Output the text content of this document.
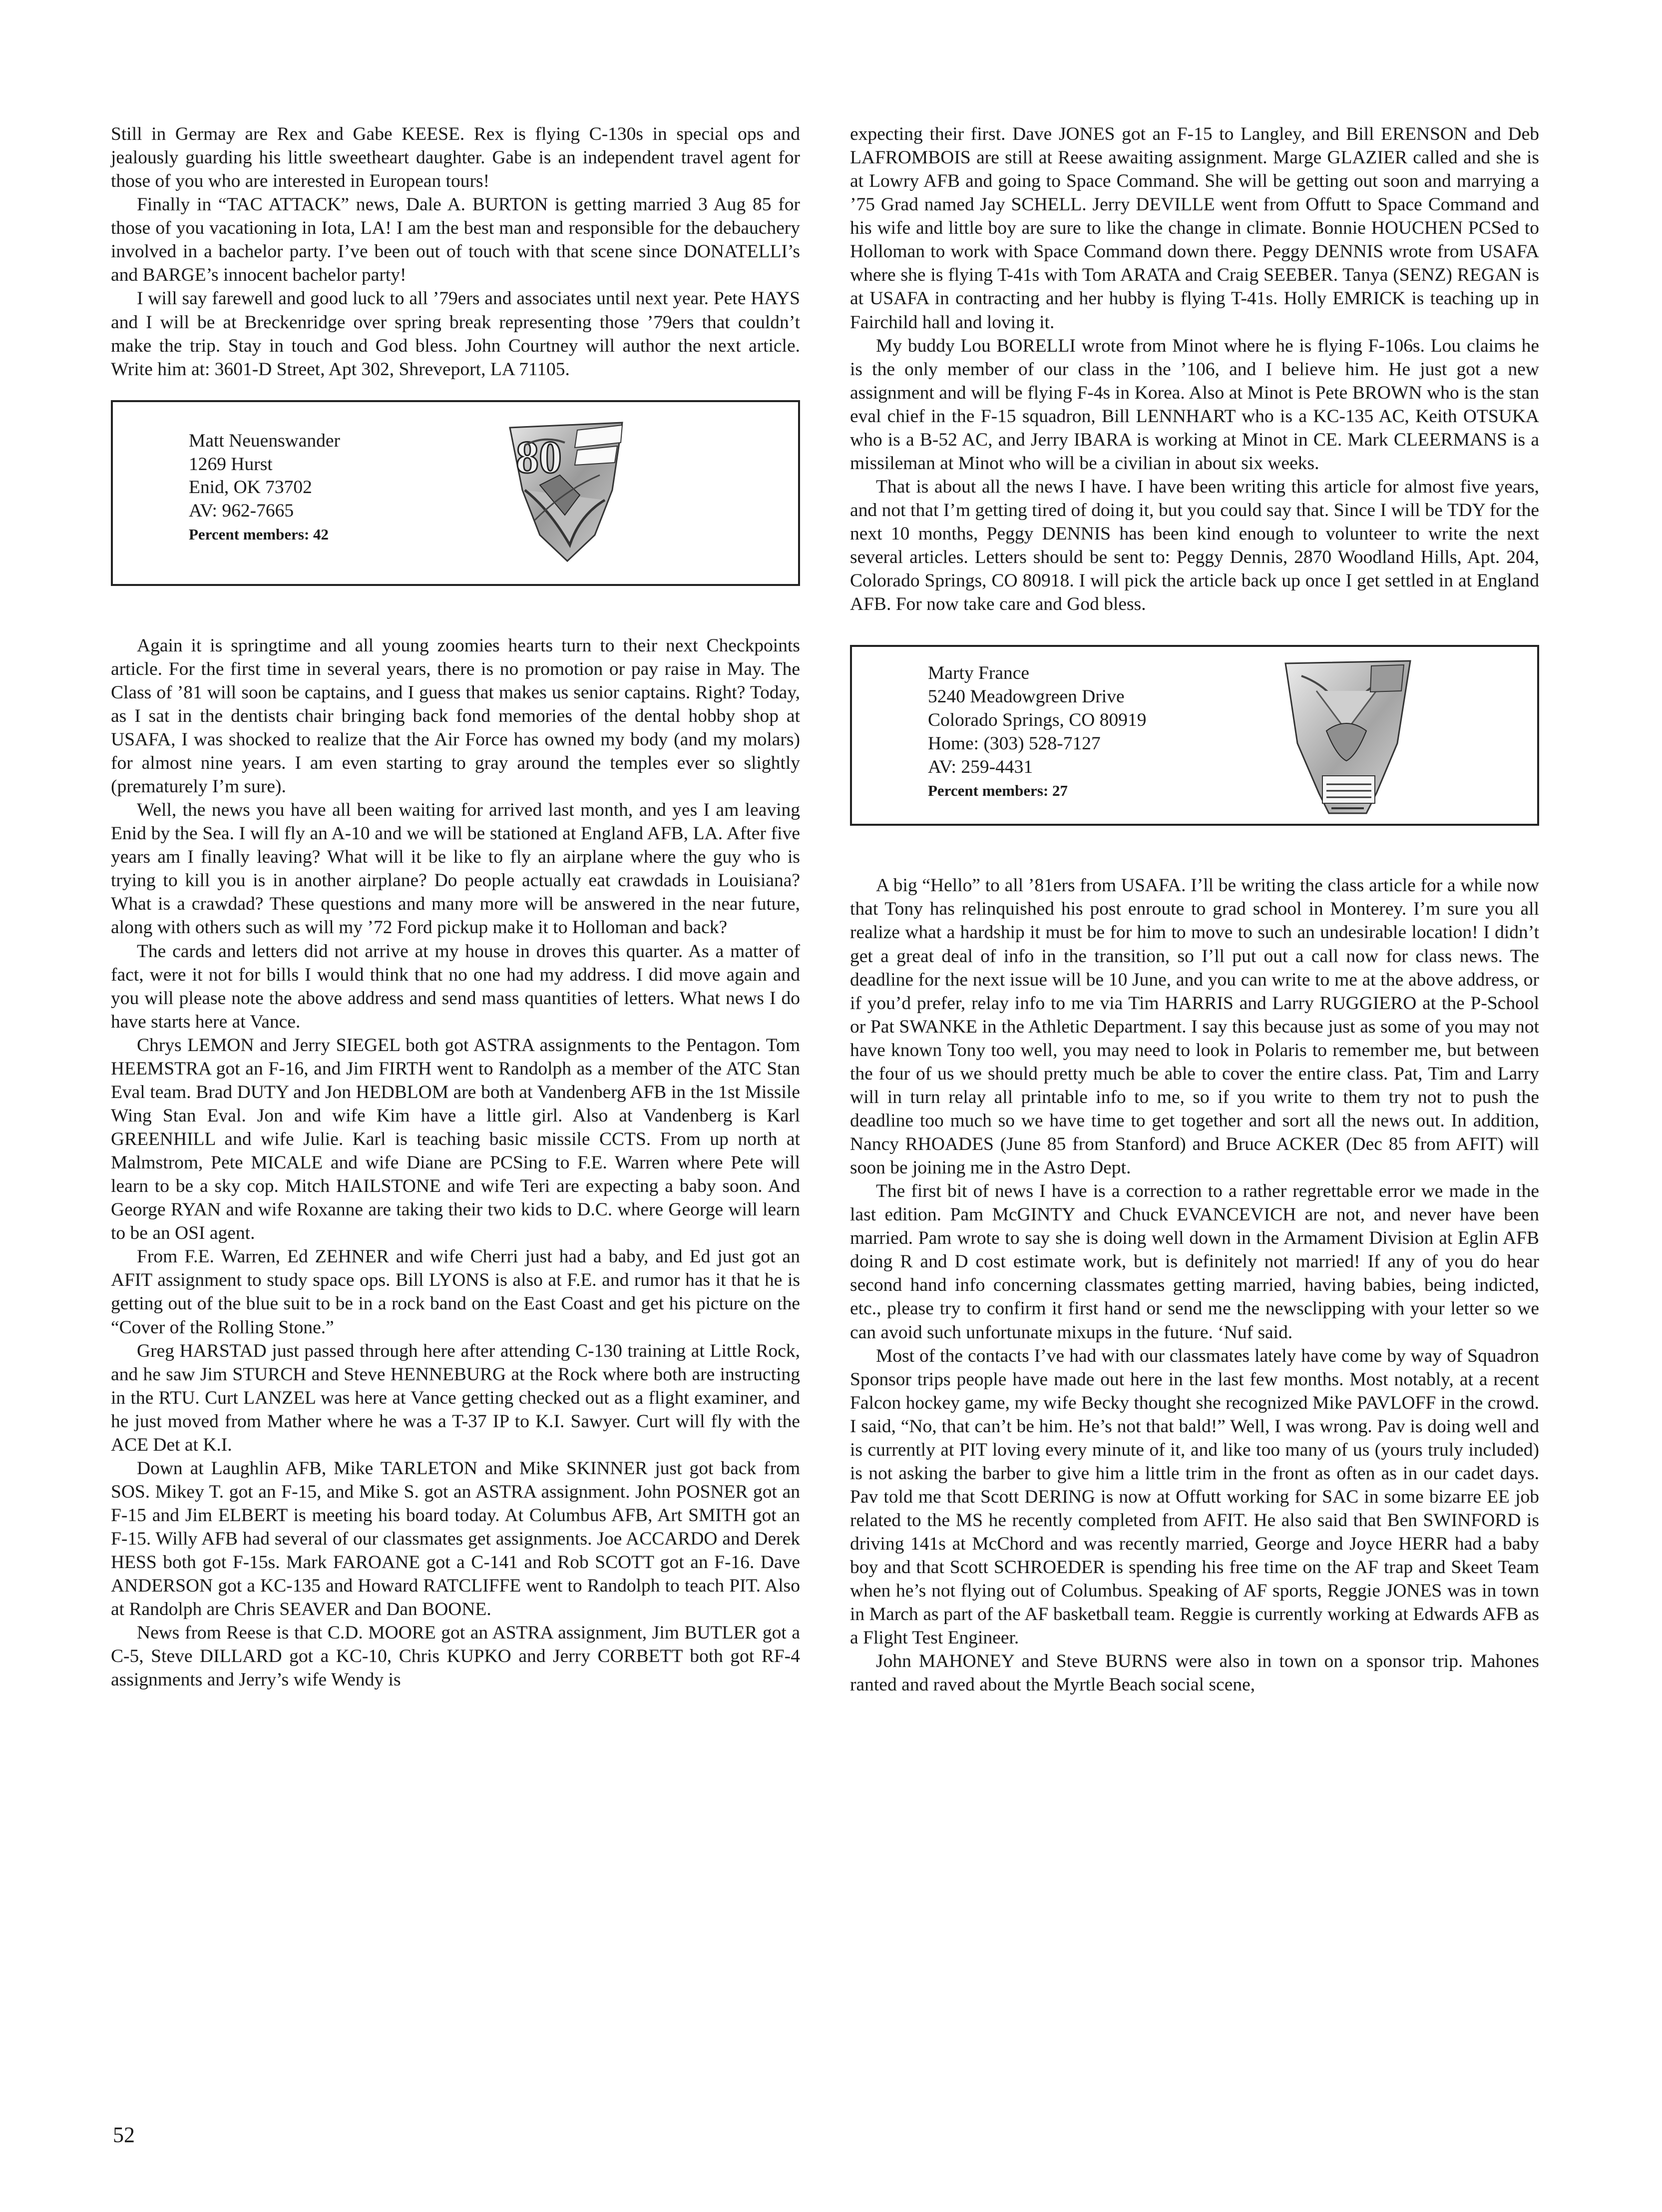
Still in Germay are Rex and Gabe KEESE. Rex is flying C-130s in special ops and jealously guarding his little sweetheart daughter. Gabe is an independent travel agent for those of you who are interested in European tours!

Finally in “TAC ATTACK” news, Dale A. BURTON is getting married 3 Aug 85 for those of you vacationing in Iota, LA! I am the best man and responsible for the debauchery involved in a bachelor party. I’ve been out of touch with that scene since DONATELLI’s and BARGE’s innocent bachelor party!

I will say farewell and good luck to all ’79ers and associates until next year. Pete HAYS and I will be at Breckenridge over spring break representing those ’79ers that couldn’t make the trip. Stay in touch and God bless. John Courtney will author the next article. Write him at: 3601-D Street, Apt 302, Shreveport, LA 71105.

Matt Neuenswander
1269 Hurst
Enid, OK 73702
AV: 962-7665
Percent members: 42
80

Again it is springtime and all young zoomies hearts turn to their next Checkpoints article. For the first time in several years, there is no promotion or pay raise in May. The Class of ’81 will soon be captains, and I guess that makes us senior captains. Right? Today, as I sat in the dentists chair bringing back fond memories of the dental hobby shop at USAFA, I was shocked to realize that the Air Force has owned my body (and my molars) for almost nine years. I am even starting to gray around the temples ever so slightly (prematurely I’m sure).

Well, the news you have all been waiting for arrived last month, and yes I am leaving Enid by the Sea. I will fly an A-10 and we will be stationed at England AFB, LA. After five years am I finally leaving? What will it be like to fly an airplane where the guy who is trying to kill you is in another airplane? Do people actually eat crawdads in Louisiana? What is a crawdad? These questions and many more will be answered in the near future, along with others such as will my ’72 Ford pickup make it to Holloman and back?

The cards and letters did not arrive at my house in droves this quarter. As a matter of fact, were it not for bills I would think that no one had my address. I did move again and you will please note the above address and send mass quantities of letters. What news I do have starts here at Vance.

Chrys LEMON and Jerry SIEGEL both got ASTRA assignments to the Pentagon. Tom HEEMSTRA got an F-16, and Jim FIRTH went to Randolph as a member of the ATC Stan Eval team. Brad DUTY and Jon HEDBLOM are both at Vandenberg AFB in the 1st Missile Wing Stan Eval. Jon and wife Kim have a little girl. Also at Vandenberg is Karl GREENHILL and wife Julie. Karl is teaching basic missile CCTS. From up north at Malmstrom, Pete MICALE and wife Diane are PCSing to F.E. Warren where Pete will learn to be a sky cop. Mitch HAILSTONE and wife Teri are expecting a baby soon. And George RYAN and wife Roxanne are taking their two kids to D.C. where George will learn to be an OSI agent.

From F.E. Warren, Ed ZEHNER and wife Cherri just had a baby, and Ed just got an AFIT assignment to study space ops. Bill LYONS is also at F.E. and rumor has it that he is getting out of the blue suit to be in a rock band on the East Coast and get his picture on the “Cover of the Rolling Stone.”

Greg HARSTAD just passed through here after attending C-130 training at Little Rock, and he saw Jim STURCH and Steve HENNEBURG at the Rock where both are instructing in the RTU. Curt LANZEL was here at Vance getting checked out as a flight examiner, and he just moved from Mather where he was a T-37 IP to K.I. Sawyer. Curt will fly with the ACE Det at K.I.

Down at Laughlin AFB, Mike TARLETON and Mike SKINNER just got back from SOS. Mikey T. got an F-15, and Mike S. got an ASTRA assignment. John POSNER got an F-15 and Jim ELBERT is meeting his board today. At Columbus AFB, Art SMITH got an F-15. Willy AFB had several of our classmates get assignments. Joe ACCARDO and Derek HESS both got F-15s. Mark FAROANE got a C-141 and Rob SCOTT got an F-16. Dave ANDERSON got a KC-135 and Howard RATCLIFFE went to Randolph to teach PIT. Also at Randolph are Chris SEAVER and Dan BOONE.

News from Reese is that C.D. MOORE got an ASTRA assignment, Jim BUTLER got a C-5, Steve DILLARD got a KC-10, Chris KUPKO and Jerry CORBETT both got RF-4 assignments and Jerry’s wife Wendy is

expecting their first. Dave JONES got an F-15 to Langley, and Bill ERENSON and Deb LAFROMBOIS are still at Reese awaiting assignment. Marge GLAZIER called and she is at Lowry AFB and going to Space Command. She will be getting out soon and marrying a ’75 Grad named Jay SCHELL. Jerry DEVILLE went from Offutt to Space Command and his wife and little boy are sure to like the change in climate. Bonnie HOUCHEN PCSed to Holloman to work with Space Command down there. Peggy DENNIS wrote from USAFA where she is flying T-41s with Tom ARATA and Craig SEEBER. Tanya (SENZ) REGAN is at USAFA in contracting and her hubby is flying T-41s. Holly EMRICK is teaching up in Fairchild hall and loving it.

My buddy Lou BORELLI wrote from Minot where he is flying F-106s. Lou claims he is the only member of our class in the ’106, and I believe him. He just got a new assignment and will be flying F-4s in Korea. Also at Minot is Pete BROWN who is the stan eval chief in the F-15 squadron, Bill LENNHART who is a KC-135 AC, Keith OTSUKA who is a B-52 AC, and Jerry IBARA is working at Minot in CE. Mark CLEERMANS is a missileman at Minot who will be a civilian in about six weeks.

That is about all the news I have. I have been writing this article for almost five years, and not that I’m getting tired of doing it, but you could say that. Since I will be TDY for the next 10 months, Peggy DENNIS has been kind enough to volunteer to write the next several articles. Letters should be sent to: Peggy Dennis, 2870 Woodland Hills, Apt. 204, Colorado Springs, CO 80918. I will pick the article back up once I get settled in at England AFB. For now take care and God bless.

Marty France
5240 Meadowgreen Drive
Colorado Springs, CO 80919
Home: (303) 528-7127
AV: 259-4431
Percent members: 27

A big “Hello” to all ’81ers from USAFA. I’ll be writing the class article for a while now that Tony has relinquished his post enroute to grad school in Monterey. I’m sure you all realize what a hardship it must be for him to move to such an undesirable location! I didn’t get a great deal of info in the transition, so I’ll put out a call now for class news. The deadline for the next issue will be 10 June, and you can write to me at the above address, or if you’d prefer, relay info to me via Tim HARRIS and Larry RUGGIERO at the P-School or Pat SWANKE in the Athletic Department. I say this because just as some of you may not have known Tony too well, you may need to look in Polaris to remember me, but between the four of us we should pretty much be able to cover the entire class. Pat, Tim and Larry will in turn relay all printable info to me, so if you write to them try not to push the deadline too much so we have time to get together and sort all the news out. In addition, Nancy RHOADES (June 85 from Stanford) and Bruce ACKER (Dec 85 from AFIT) will soon be joining me in the Astro Dept.

The first bit of news I have is a correction to a rather regrettable error we made in the last edition. Pam McGINTY and Chuck EVANCEVICH are not, and never have been married. Pam wrote to say she is doing well down in the Armament Division at Eglin AFB doing R and D cost estimate work, but is definitely not married! If any of you do hear second hand info concerning classmates getting married, having babies, being indicted, etc., please try to confirm it first hand or send me the newsclipping with your letter so we can avoid such unfortunate mixups in the future. ‘Nuf said.

Most of the contacts I’ve had with our classmates lately have come by way of Squadron Sponsor trips people have made out here in the last few months. Most notably, at a recent Falcon hockey game, my wife Becky thought she recognized Mike PAVLOFF in the crowd. I said, “No, that can’t be him. He’s not that bald!” Well, I was wrong. Pav is doing well and is currently at PIT loving every minute of it, and like too many of us (yours truly included) is not asking the barber to give him a little trim in the front as often as in our cadet days. Pav told me that Scott DERING is now at Offutt working for SAC in some bizarre EE job related to the MS he recently completed from AFIT. He also said that Ben SWINFORD is driving 141s at McChord and was recently married, George and Joyce HERR had a baby boy and that Scott SCHROEDER is spending his free time on the AF trap and Skeet Team when he’s not flying out of Columbus. Speaking of AF sports, Reggie JONES was in town in March as part of the AF basketball team. Reggie is currently working at Edwards AFB as a Flight Test Engineer.

John MAHONEY and Steve BURNS were also in town on a sponsor trip. Mahones ranted and raved about the Myrtle Beach social scene,

52
